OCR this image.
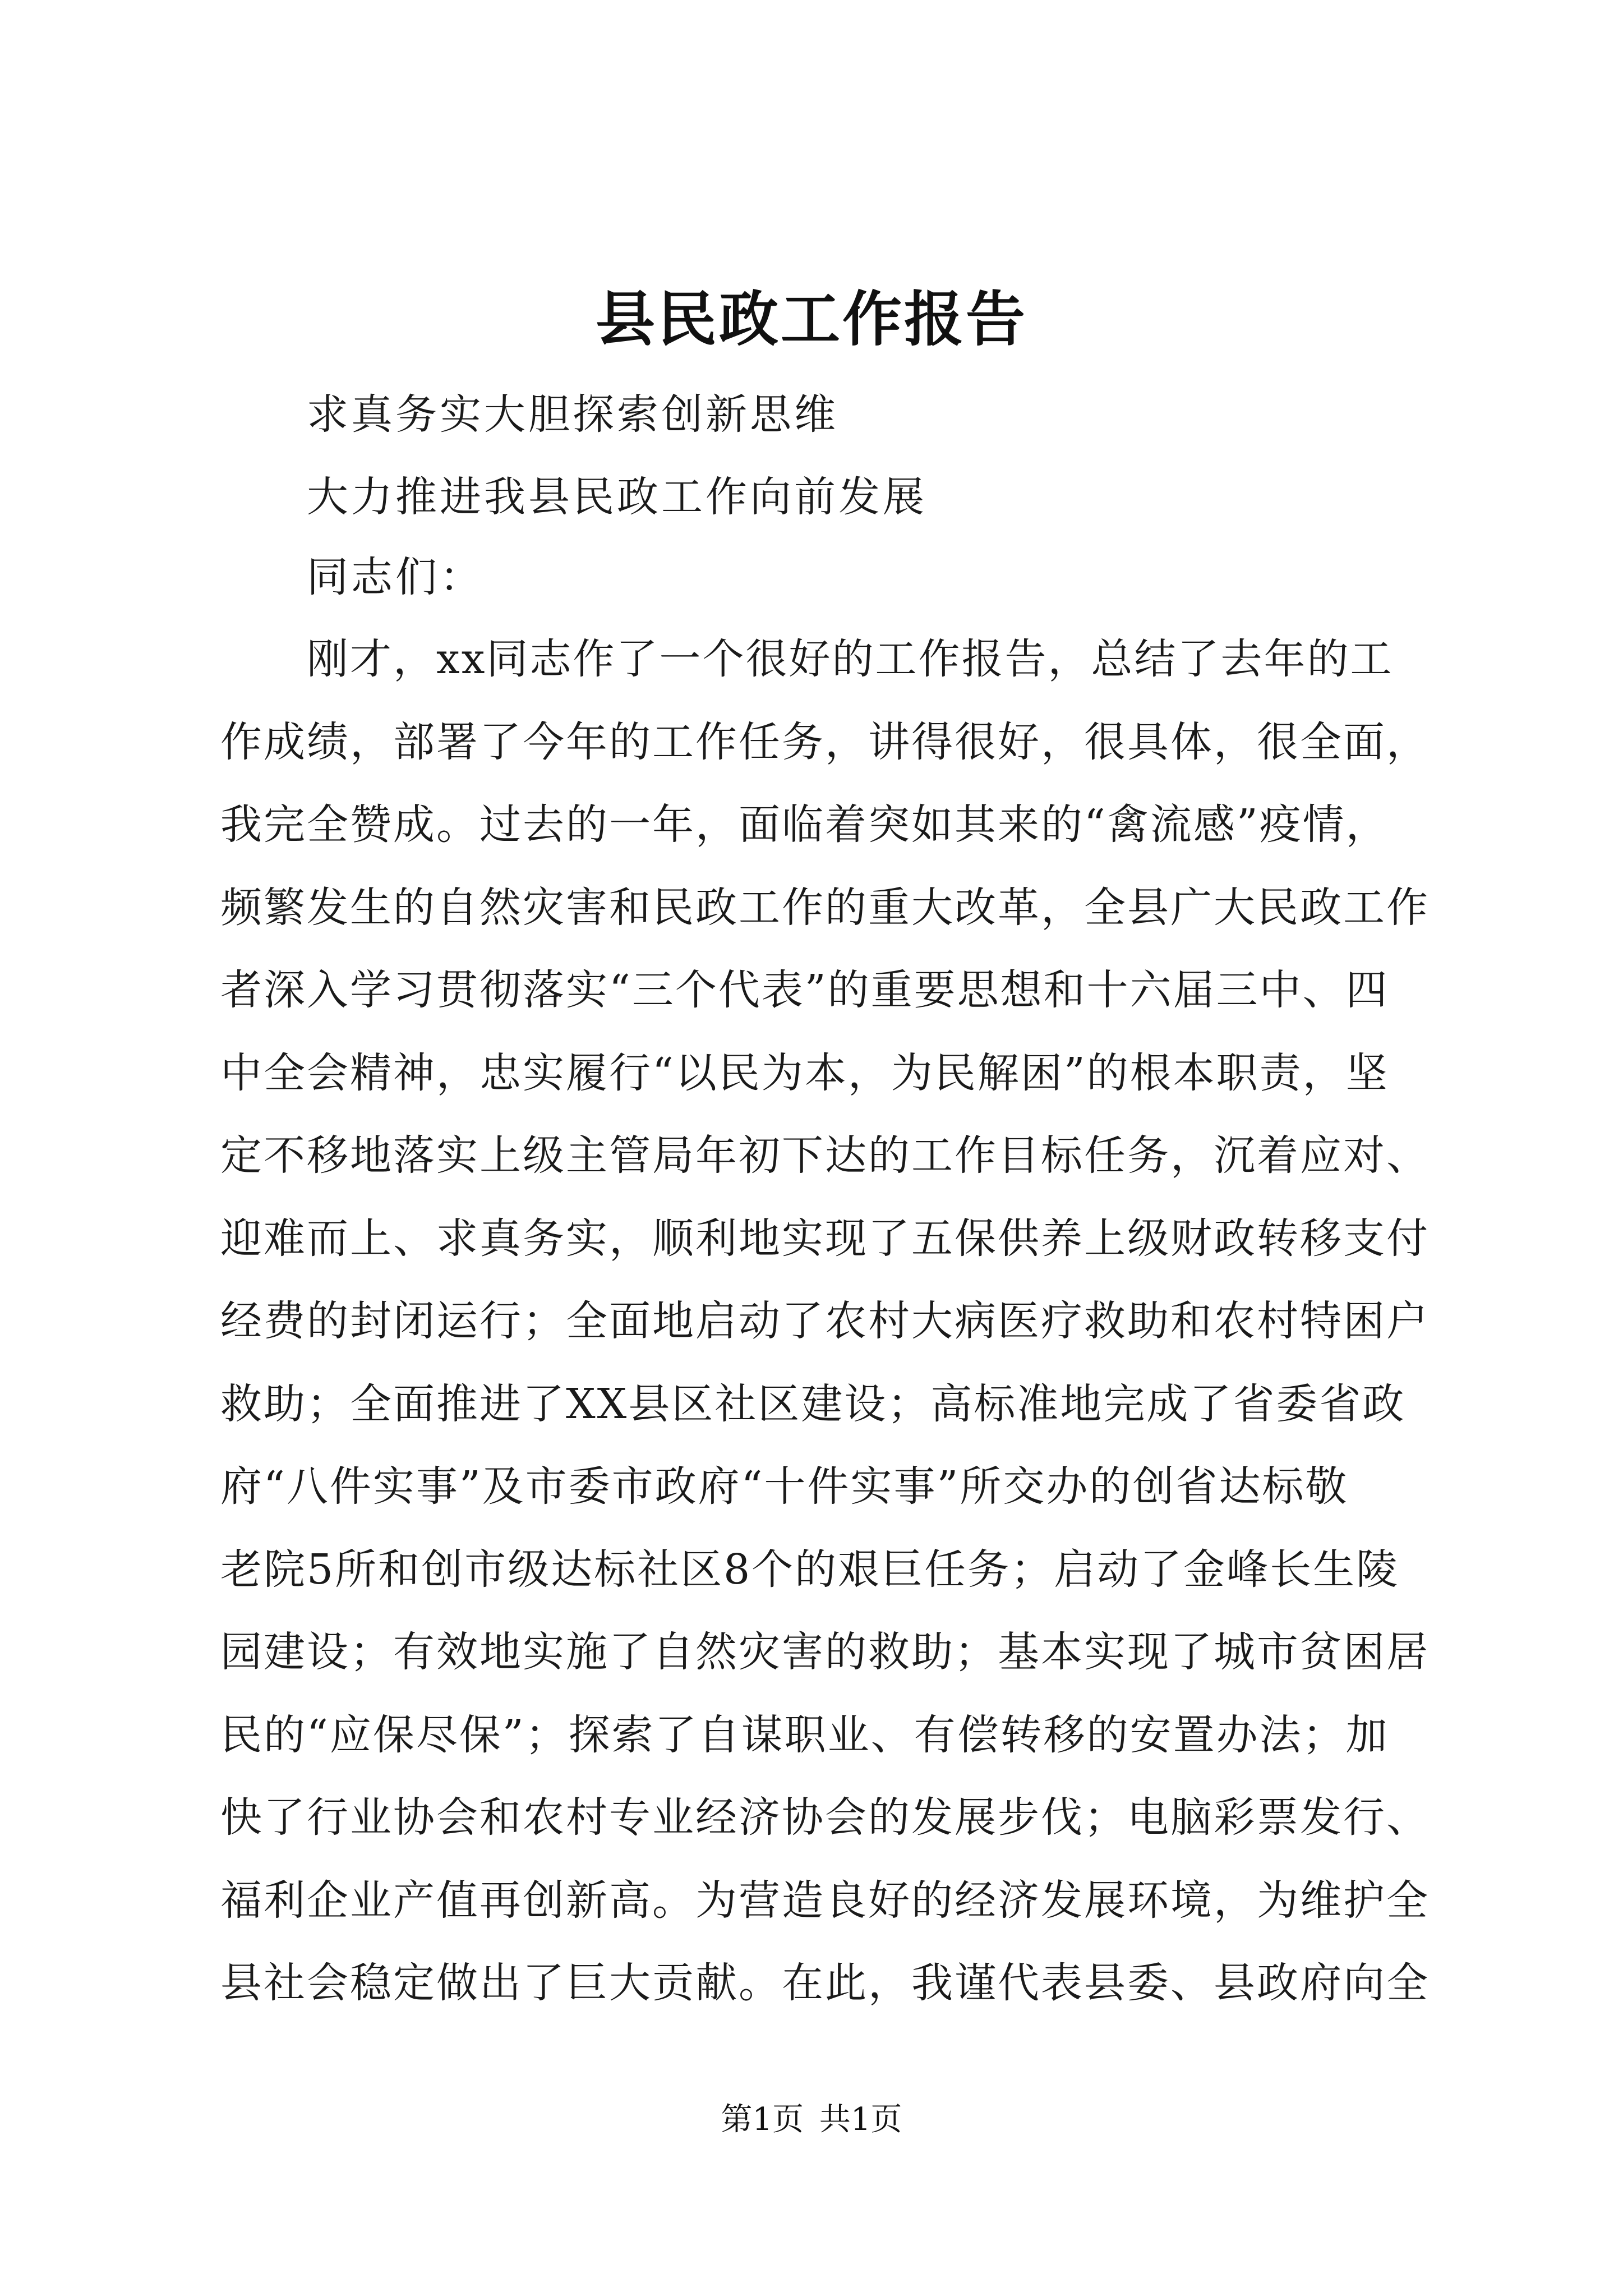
县民政工作报告
求真务实大胆探索创新思维
大力推进我县民政工作向前发展
同志们：
　　刚才，xx同志作了一个很好的工作报告，总结了去年的工
作成绩，部署了今年的工作任务，讲得很好，很具体，很全面，
我完全赞成。过去的一年，面临着突如其来的“禽流感”疫情，
频繁发生的自然灾害和民政工作的重大改革，全县广大民政工作
者深入学习贯彻落实“三个代表”的重要思想和十六届三中、四
中全会精神，忠实履行“以民为本，为民解困”的根本职责，坚
定不移地落实上级主管局年初下达的工作目标任务，沉着应对、
迎难而上、求真务实，顺利地实现了五保供养上级财政转移支付
经费的封闭运行；全面地启动了农村大病医疗救助和农村特困户
救助；全面推进了XX县区社区建设；高标准地完成了省委省政
府“八件实事”及市委市政府“十件实事”所交办的创省达标敬
老院5所和创市级达标社区8个的艰巨任务；启动了金峰长生陵
园建设；有效地实施了自然灾害的救助；基本实现了城市贫困居
民的“应保尽保”；探索了自谋职业、有偿转移的安置办法；加
快了行业协会和农村专业经济协会的发展步伐；电脑彩票发行、
福利企业产值再创新高。为营造良好的经济发展环境，为维护全
县社会稳定做出了巨大贡献。在此，我谨代表县委、县政府向全
第1页 共1页
